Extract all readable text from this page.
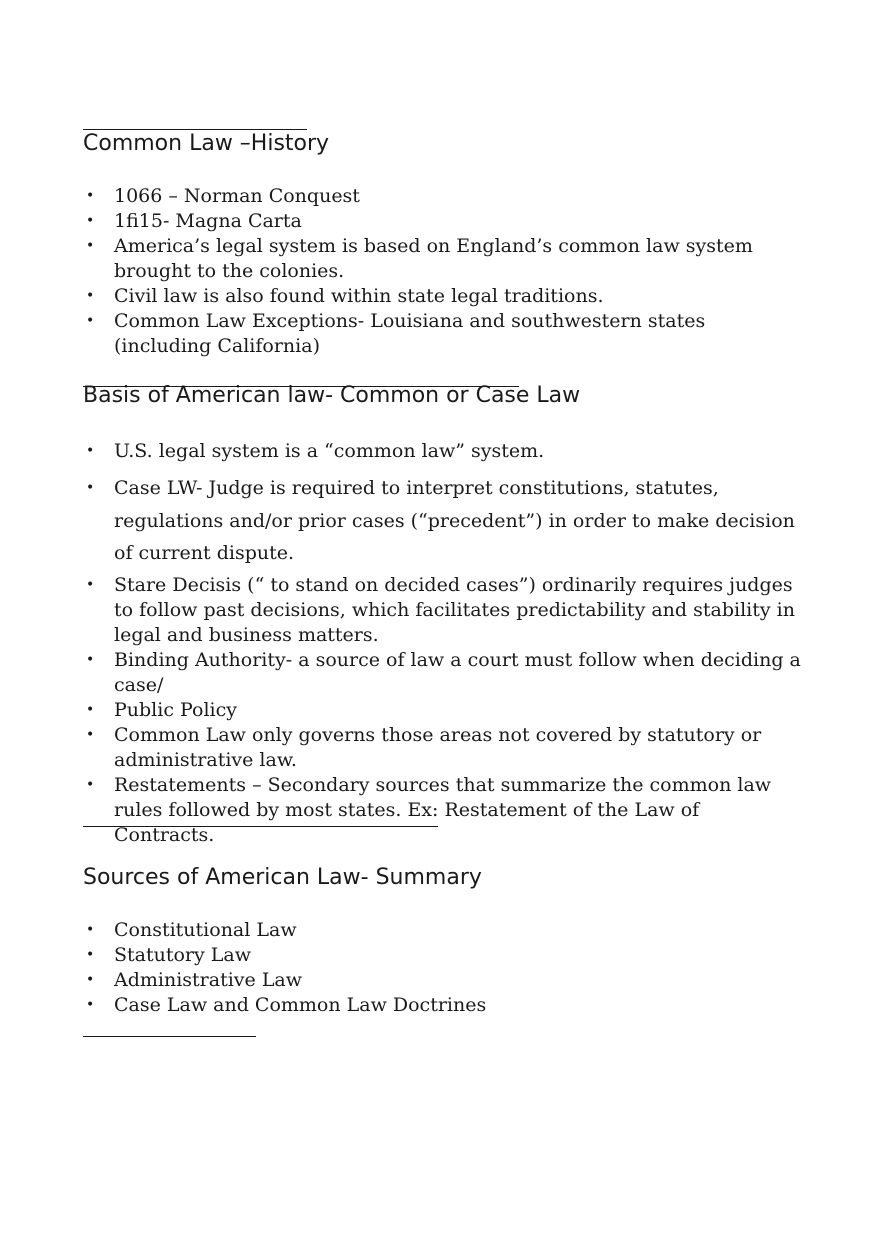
Common Law –History
• 1066 – Norman Conquest
• 1fi15- Magna Carta
• America’s legal system is based on England’s common law system brought to the colonies.
• Civil law is also found within state legal traditions.
• Common Law Exceptions- Louisiana and southwestern states (including California)
Basis of American law- Common or Case Law
• U.S. legal system is a “common law” system.
• Case LW- Judge is required to interpret constitutions, statutes, regulations and/or prior cases (“precedent”) in order to make decision of current dispute.
• Stare Decisis (“ to stand on decided cases”) ordinarily requires judges to follow past decisions, which facilitates predictability and stability in legal and business matters.
• Binding Authority- a source of law a court must follow when deciding a case/
• Public Policy
• Common Law only governs those areas not covered by statutory or administrative law.
• Restatements – Secondary sources that summarize the common law rules followed by most states. Ex: Restatement of the Law of Contracts.
Sources of American Law- Summary
• Constitutional Law
• Statutory Law
• Administrative Law
• Case Law and Common Law Doctrines
